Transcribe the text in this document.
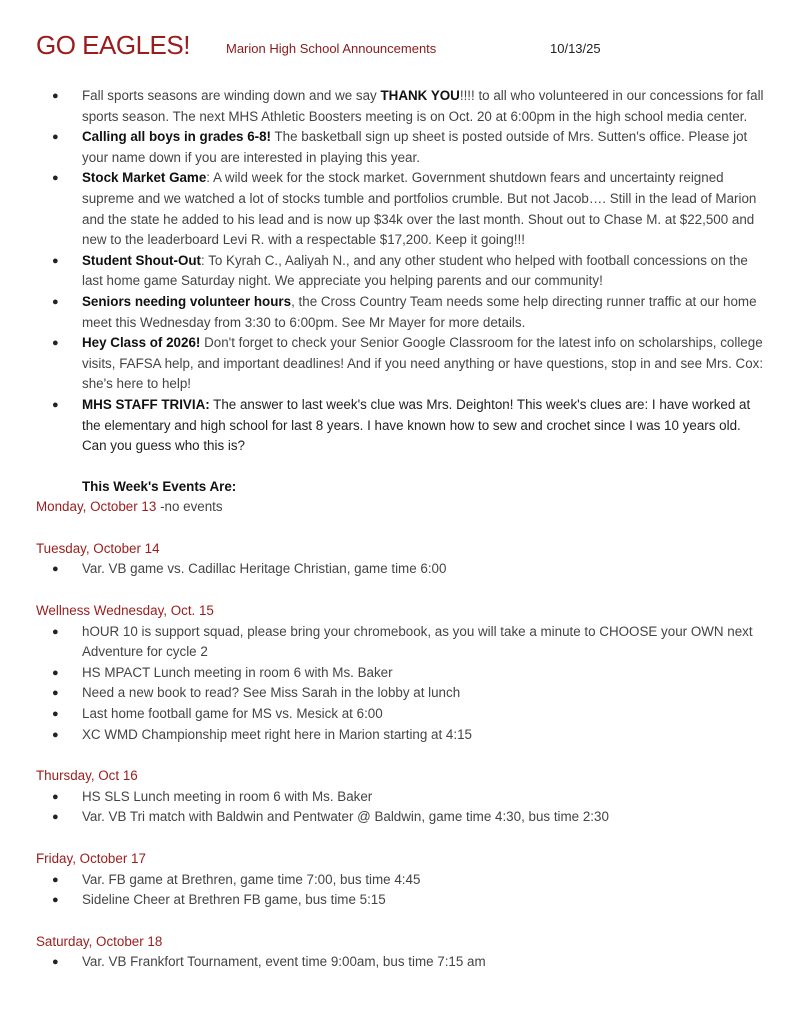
GO EAGLES!	Marion High School Announcements	10/13/25
● Fall sports seasons are winding down and we say THANK YOU!!!! to all who volunteered in our concessions for fall sports season. The next MHS Athletic Boosters meeting is on Oct. 20 at 6:00pm in the high school media center.
● Calling all boys in grades 6-8! The basketball sign up sheet is posted outside of Mrs. Sutten's office. Please jot your name down if you are interested in playing this year.
● Stock Market Game: A wild week for the stock market. Government shutdown fears and uncertainty reigned supreme and we watched a lot of stocks tumble and portfolios crumble. But not Jacob…. Still in the lead of Marion and the state he added to his lead and is now up $34k over the last month. Shout out to Chase M. at $22,500 and new to the leaderboard Levi R. with a respectable $17,200. Keep it going!!!
● Student Shout-Out: To Kyrah C., Aaliyah N., and any other student who helped with football concessions on the last home game Saturday night. We appreciate you helping parents and our community!
● Seniors needing volunteer hours, the Cross Country Team needs some help directing runner traffic at our home meet this Wednesday from 3:30 to 6:00pm. See Mr Mayer for more details.
● Hey Class of 2026! Don't forget to check your Senior Google Classroom for the latest info on scholarships, college visits, FAFSA help, and important deadlines! And if you need anything or have questions, stop in and see Mrs. Cox: she's here to help!
● MHS STAFF TRIVIA: The answer to last week's clue was Mrs. Deighton! This week's clues are: I have worked at the elementary and high school for last 8 years. I have known how to sew and crochet since I was 10 years old. Can you guess who this is?
This Week's Events Are:
Monday, October 13 -no events
Tuesday, October 14
● Var. VB game vs. Cadillac Heritage Christian, game time 6:00
Wellness Wednesday, Oct. 15
● hOUR 10 is support squad, please bring your chromebook, as you will take a minute to CHOOSE your OWN next Adventure for cycle 2
● HS MPACT Lunch meeting in room 6 with Ms. Baker
● Need a new book to read? See Miss Sarah in the lobby at lunch
● Last home football game for MS vs. Mesick at 6:00
● XC WMD Championship meet right here in Marion starting at 4:15
Thursday, Oct 16
● HS SLS Lunch meeting in room 6 with Ms. Baker
● Var. VB Tri match with Baldwin and Pentwater @ Baldwin, game time 4:30, bus time 2:30
Friday, October 17
● Var. FB game at Brethren, game time 7:00, bus time 4:45
● Sideline Cheer at Brethren FB game, bus time 5:15
Saturday, October 18
● Var. VB Frankfort Tournament, event time 9:00am, bus time 7:15 am
